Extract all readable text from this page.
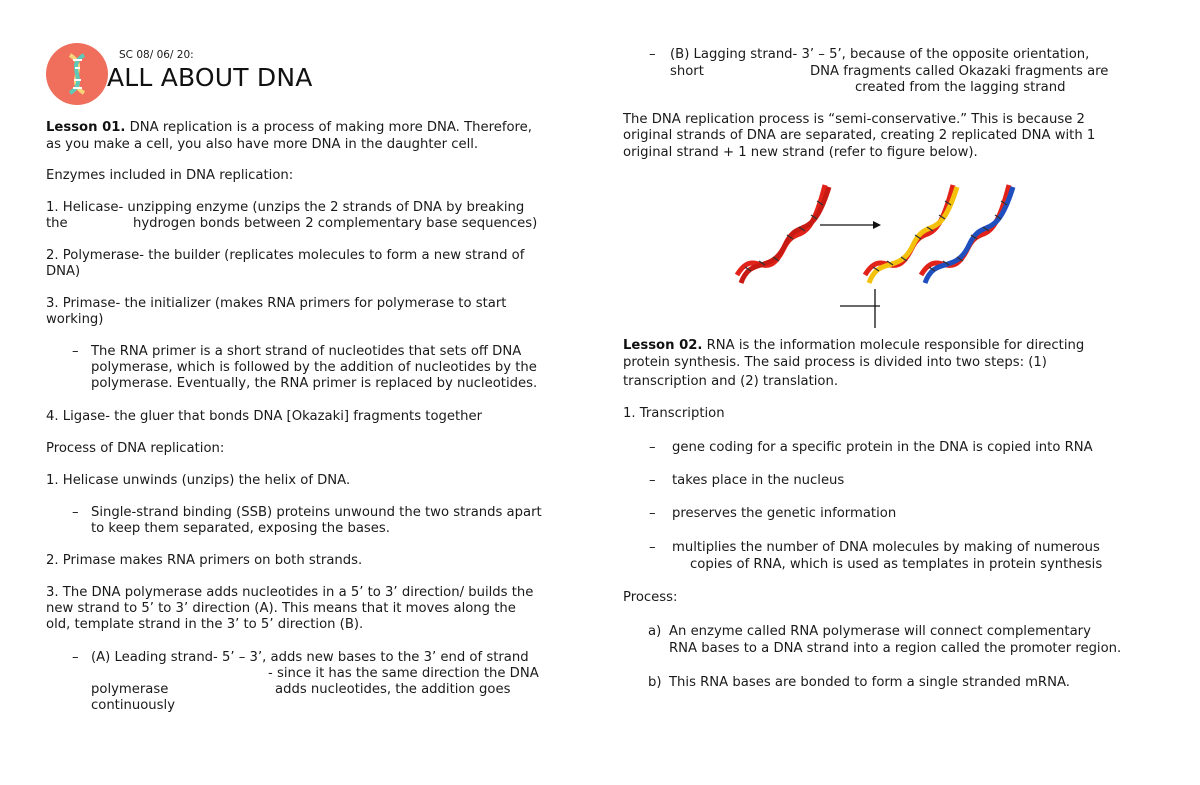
SC 08/ 06/ 20:
ALL ABOUT DNA
Lesson 01. DNA replication is a process of making more DNA. Therefore,
as you make a cell, you also have more DNA in the daughter cell.
Enzymes included in DNA replication:
1. Helicase- unzipping enzyme (unzips the 2 strands of DNA by breaking
the	hydrogen bonds between 2 complementary base sequences)
2. Polymerase- the builder (replicates molecules to form a new strand of
DNA)
3. Primase- the initializer (makes RNA primers for polymerase to start
working)
– The RNA primer is a short strand of nucleotides that sets off DNA
polymerase, which is followed by the addition of nucleotides by the
polymerase. Eventually, the RNA primer is replaced by nucleotides.
4. Ligase- the gluer that bonds DNA [Okazaki] fragments together
Process of DNA replication:
1. Helicase unwinds (unzips) the helix of DNA.
– Single-strand binding (SSB) proteins unwound the two strands apart
to keep them separated, exposing the bases.
2. Primase makes RNA primers on both strands.
3. The DNA polymerase adds nucleotides in a 5’ to 3’ direction/ builds the
new strand to 5’ to 3’ direction (A). This means that it moves along the
old, template strand in the 3’ to 5’ direction (B).
– (A) Leading strand- 5’ – 3’, adds new bases to the 3’ end of strand
- since it has the same direction the DNA
polymerase	adds nucleotides, the addition goes
continuously
– (B) Lagging strand- 3’ – 5’, because of the opposite orientation,
short	DNA fragments called Okazaki fragments are
created from the lagging strand
The DNA replication process is “semi-conservative.” This is because 2
original strands of DNA are separated, creating 2 replicated DNA with 1
original strand + 1 new strand (refer to figure below).
Lesson 02. RNA is the information molecule responsible for directing
protein synthesis. The said process is divided into two steps: (1)
transcription and (2) translation.
1. Transcription
– gene coding for a specific protein in the DNA is copied into RNA
– takes place in the nucleus
– preserves the genetic information
– multiplies the number of DNA molecules by making of numerous
copies of RNA, which is used as templates in protein synthesis
Process:
a) An enzyme called RNA polymerase will connect complementary
RNA bases to a DNA strand into a region called the promoter region.
b) This RNA bases are bonded to form a single stranded mRNA.
